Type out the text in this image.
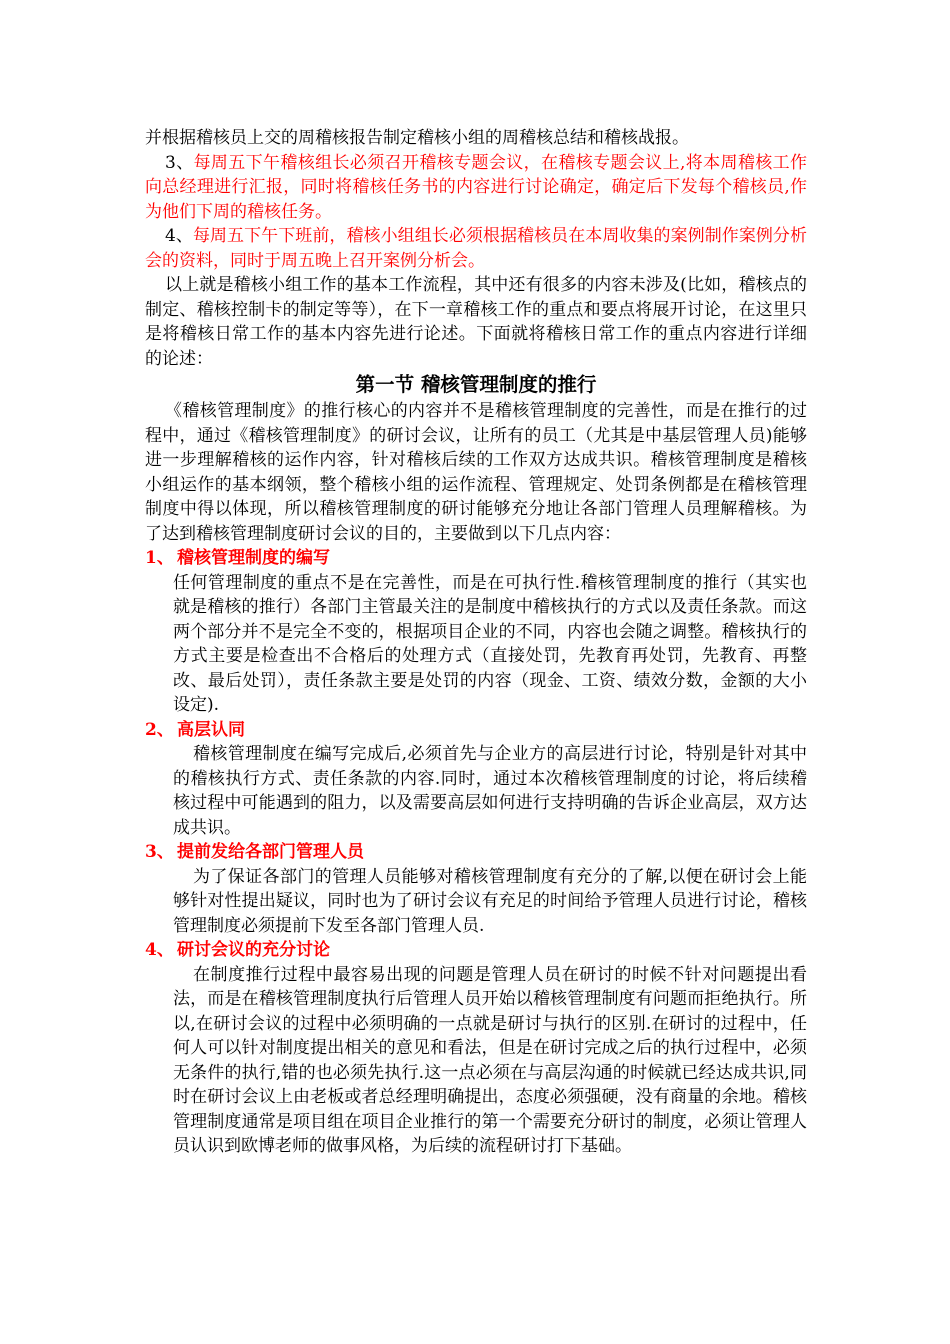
并根据稽核员上交的周稽核报告制定稽核小组的周稽核总结和稽核战报。

3、每周五下午稽核组长必须召开稽核专题会议，在稽核专题会议上,将本周稽核工作向总经理进行汇报，同时将稽核任务书的内容进行讨论确定，确定后下发每个稽核员,作为他们下周的稽核任务。

4、每周五下午下班前，稽核小组组长必须根据稽核员在本周收集的案例制作案例分析会的资料，同时于周五晚上召开案例分析会。

以上就是稽核小组工作的基本工作流程，其中还有很多的内容未涉及(比如，稽核点的制定、稽核控制卡的制定等等），在下一章稽核工作的重点和要点将展开讨论，在这里只是将稽核日常工作的基本内容先进行论述。下面就将稽核日常工作的重点内容进行详细的论述：

第一节 稽核管理制度的推行

《稽核管理制度》的推行核心的内容并不是稽核管理制度的完善性，而是在推行的过程中，通过《稽核管理制度》的研讨会议，让所有的员工（尤其是中基层管理人员)能够进一步理解稽核的运作内容，针对稽核后续的工作双方达成共识。稽核管理制度是稽核小组运作的基本纲领，整个稽核小组的运作流程、管理规定、处罚条例都是在稽核管理制度中得以体现，所以稽核管理制度的研讨能够充分地让各部门管理人员理解稽核。为了达到稽核管理制度研讨会议的目的，主要做到以下几点内容：

1、 稽核管理制度的编写

任何管理制度的重点不是在完善性，而是在可执行性.稽核管理制度的推行（其实也就是稽核的推行）各部门主管最关注的是制度中稽核执行的方式以及责任条款。而这两个部分并不是完全不变的，根据项目企业的不同，内容也会随之调整。稽核执行的方式主要是检查出不合格后的处理方式（直接处罚，先教育再处罚，先教育、再整改、最后处罚），责任条款主要是处罚的内容（现金、工资、绩效分数，金额的大小设定).

2、 高层认同

稽核管理制度在编写完成后,必须首先与企业方的高层进行讨论，特别是针对其中的稽核执行方式、责任条款的内容.同时，通过本次稽核管理制度的讨论，将后续稽核过程中可能遇到的阻力，以及需要高层如何进行支持明确的告诉企业高层，双方达成共识。

3、 提前发给各部门管理人员

为了保证各部门的管理人员能够对稽核管理制度有充分的了解,以便在研讨会上能够针对性提出疑议，同时也为了研讨会议有充足的时间给予管理人员进行讨论，稽核管理制度必须提前下发至各部门管理人员.

4、 研讨会议的充分讨论

在制度推行过程中最容易出现的问题是管理人员在研讨的时候不针对问题提出看法，而是在稽核管理制度执行后管理人员开始以稽核管理制度有问题而拒绝执行。所以,在研讨会议的过程中必须明确的一点就是研讨与执行的区别.在研讨的过程中，任何人可以针对制度提出相关的意见和看法，但是在研讨完成之后的执行过程中，必须无条件的执行,错的也必须先执行.这一点必须在与高层沟通的时候就已经达成共识,同时在研讨会议上由老板或者总经理明确提出，态度必须强硬，没有商量的余地。稽核管理制度通常是项目组在项目企业推行的第一个需要充分研讨的制度，必须让管理人员认识到欧博老师的做事风格，为后续的流程研讨打下基础。
